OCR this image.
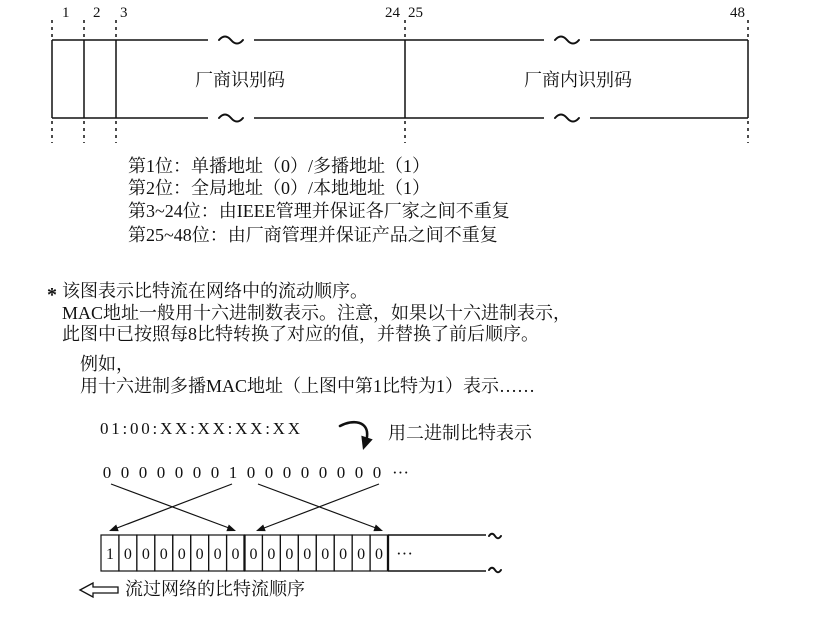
1 2 3	24 25	48
厂商识别码	厂商内识别码
第1位：单播地址（0）/多播地址（1）
第2位：全局地址（0）/本地地址（1）
第3~24位：由IEEE管理并保证各厂家之间不重复
第25~48位：由厂商管理并保证产品之间不重复
* 该图表示比特流在网络中的流动顺序。
MAC地址一般用十六进制数表示。注意，如果以十六进制表示，
此图中已按照每8比特转换了对应的值，并替换了前后顺序。
例如，
用十六进制多播MAC地址（上图中第1比特为1）表示……
01:00:XX:XX:XX:XX	用二进制比特表示
0 0 0 0 0 0 0 1 0 0 0 0 0 0 0 0 ···
1 0 0 0 0 0 0 0 0 0 0 0 0 0 0 0 ···
流过网络的比特流顺序
